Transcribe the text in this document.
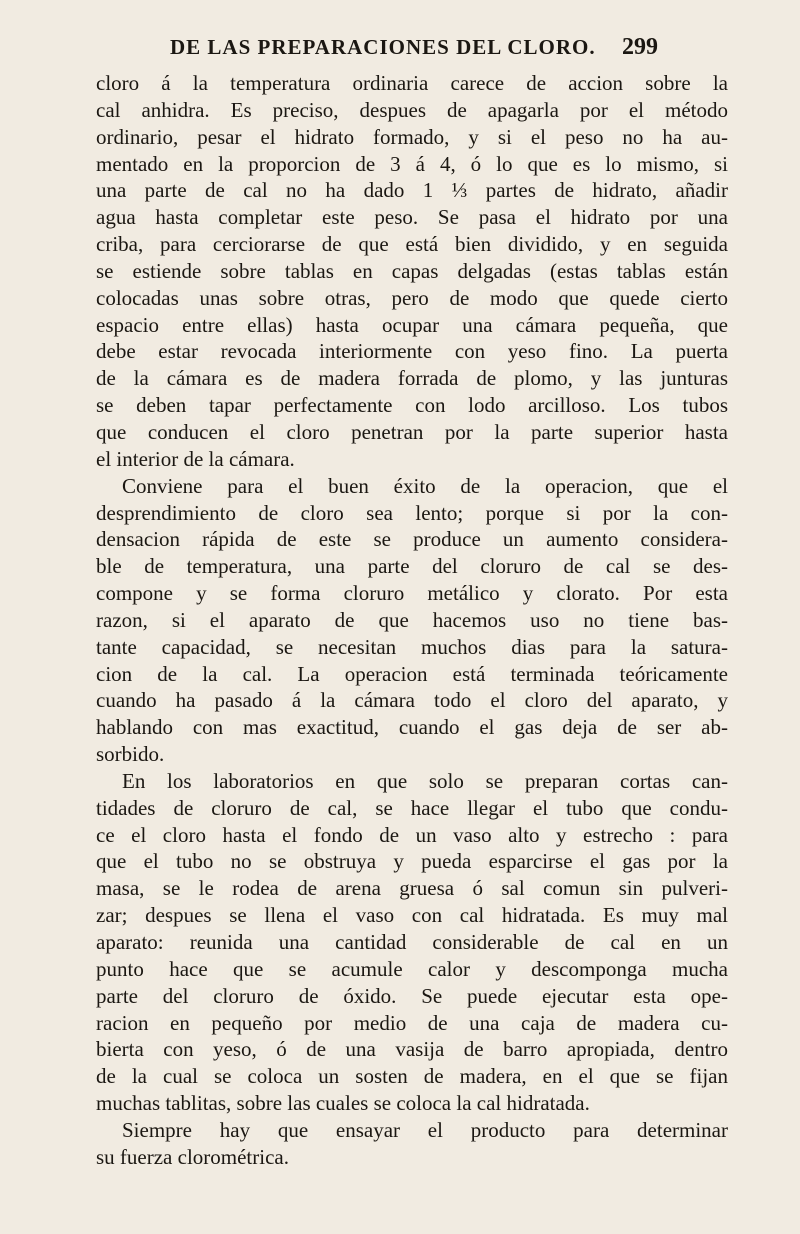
DE LAS PREPARACIONES DEL CLORO. 299
cloro á la temperatura ordinaria carece de accion sobre la
cal anhidra. Es preciso, despues de apagarla por el método
ordinario, pesar el hidrato formado, y si el peso no ha au-
mentado en la proporcion de 3 á 4, ó lo que es lo mismo, si
una parte de cal no ha dado 1 ⅓ partes de hidrato, añadir
agua hasta completar este peso. Se pasa el hidrato por una
criba, para cerciorarse de que está bien dividido, y en seguida
se estiende sobre tablas en capas delgadas (estas tablas están
colocadas unas sobre otras, pero de modo que quede cierto
espacio entre ellas) hasta ocupar una cámara pequeña, que
debe estar revocada interiormente con yeso fino. La puerta
de la cámara es de madera forrada de plomo, y las junturas
se deben tapar perfectamente con lodo arcilloso. Los tubos
que conducen el cloro penetran por la parte superior hasta
el interior de la cámara.
Conviene para el buen éxito de la operacion, que el
desprendimiento de cloro sea lento; porque si por la con-
densacion rápida de este se produce un aumento considera-
ble de temperatura, una parte del cloruro de cal se des-
compone y se forma cloruro metálico y clorato. Por esta
razon, si el aparato de que hacemos uso no tiene bas-
tante capacidad, se necesitan muchos dias para la satura-
cion de la cal. La operacion está terminada teóricamente
cuando ha pasado á la cámara todo el cloro del aparato, y
hablando con mas exactitud, cuando el gas deja de ser ab-
sorbido.
En los laboratorios en que solo se preparan cortas can-
tidades de cloruro de cal, se hace llegar el tubo que condu-
ce el cloro hasta el fondo de un vaso alto y estrecho : para
que el tubo no se obstruya y pueda esparcirse el gas por la
masa, se le rodea de arena gruesa ó sal comun sin pulveri-
zar; despues se llena el vaso con cal hidratada. Es muy mal
aparato: reunida una cantidad considerable de cal en un
punto hace que se acumule calor y descomponga mucha
parte del cloruro de óxido. Se puede ejecutar esta ope-
racion en pequeño por medio de una caja de madera cu-
bierta con yeso, ó de una vasija de barro apropiada, dentro
de la cual se coloca un sosten de madera, en el que se fijan
muchas tablitas, sobre las cuales se coloca la cal hidratada.
Siempre hay que ensayar el producto para determinar
su fuerza clorométrica.
